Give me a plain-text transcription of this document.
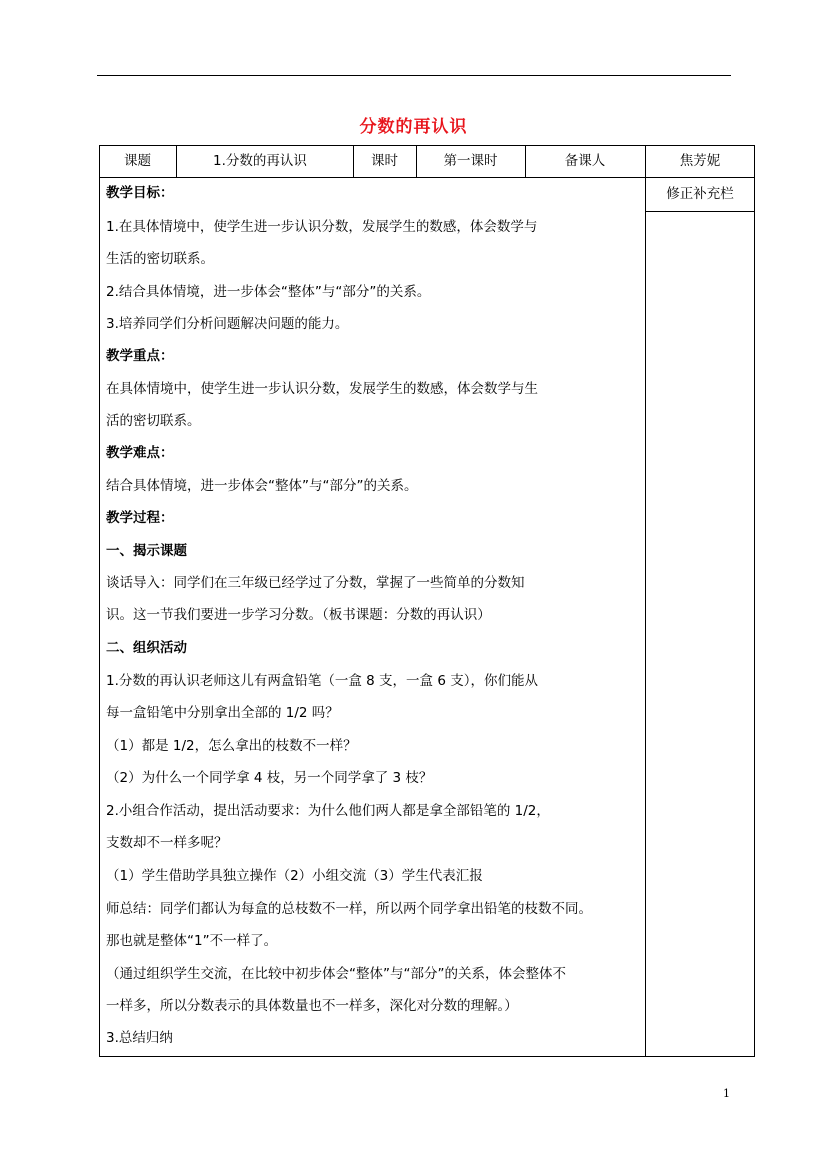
分数的再认识
课题	1.分数的再认识	课时	第一课时	备课人	焦芳妮
修正补充栏
教学目标：
1.在具体情境中，使学生进一步认识分数，发展学生的数感，体会数学与
生活的密切联系。
2.结合具体情境，进一步体会“整体”与“部分”的关系。
3.培养同学们分析问题解决问题的能力。
教学重点：
在具体情境中，使学生进一步认识分数，发展学生的数感，体会数学与生
活的密切联系。
教学难点：
结合具体情境，进一步体会“整体”与“部分”的关系。
教学过程：
一、揭示课题
谈话导入：同学们在三年级已经学过了分数，掌握了一些简单的分数知
识。这一节我们要进一步学习分数。（板书课题：分数的再认识）
二、组织活动
1.分数的再认识老师这儿有两盒铅笔（一盒 8 支，一盒 6 支），你们能从
每一盒铅笔中分别拿出全部的 1/2 吗？
（1）都是 1/2，怎么拿出的枝数不一样？
（2）为什么一个同学拿 4 枝，另一个同学拿了 3 枝？
2.小组合作活动，提出活动要求：为什么他们两人都是拿全部铅笔的 1/2，
支数却不一样多呢？
（1）学生借助学具独立操作（2）小组交流（3）学生代表汇报
师总结：同学们都认为每盒的总枝数不一样，所以两个同学拿出铅笔的枝数不同。
那也就是整体“1”不一样了。
（通过组织学生交流，在比较中初步体会“整体”与“部分”的关系，体会整体不
一样多，所以分数表示的具体数量也不一样多，深化对分数的理解。）
3.总结归纳
1
